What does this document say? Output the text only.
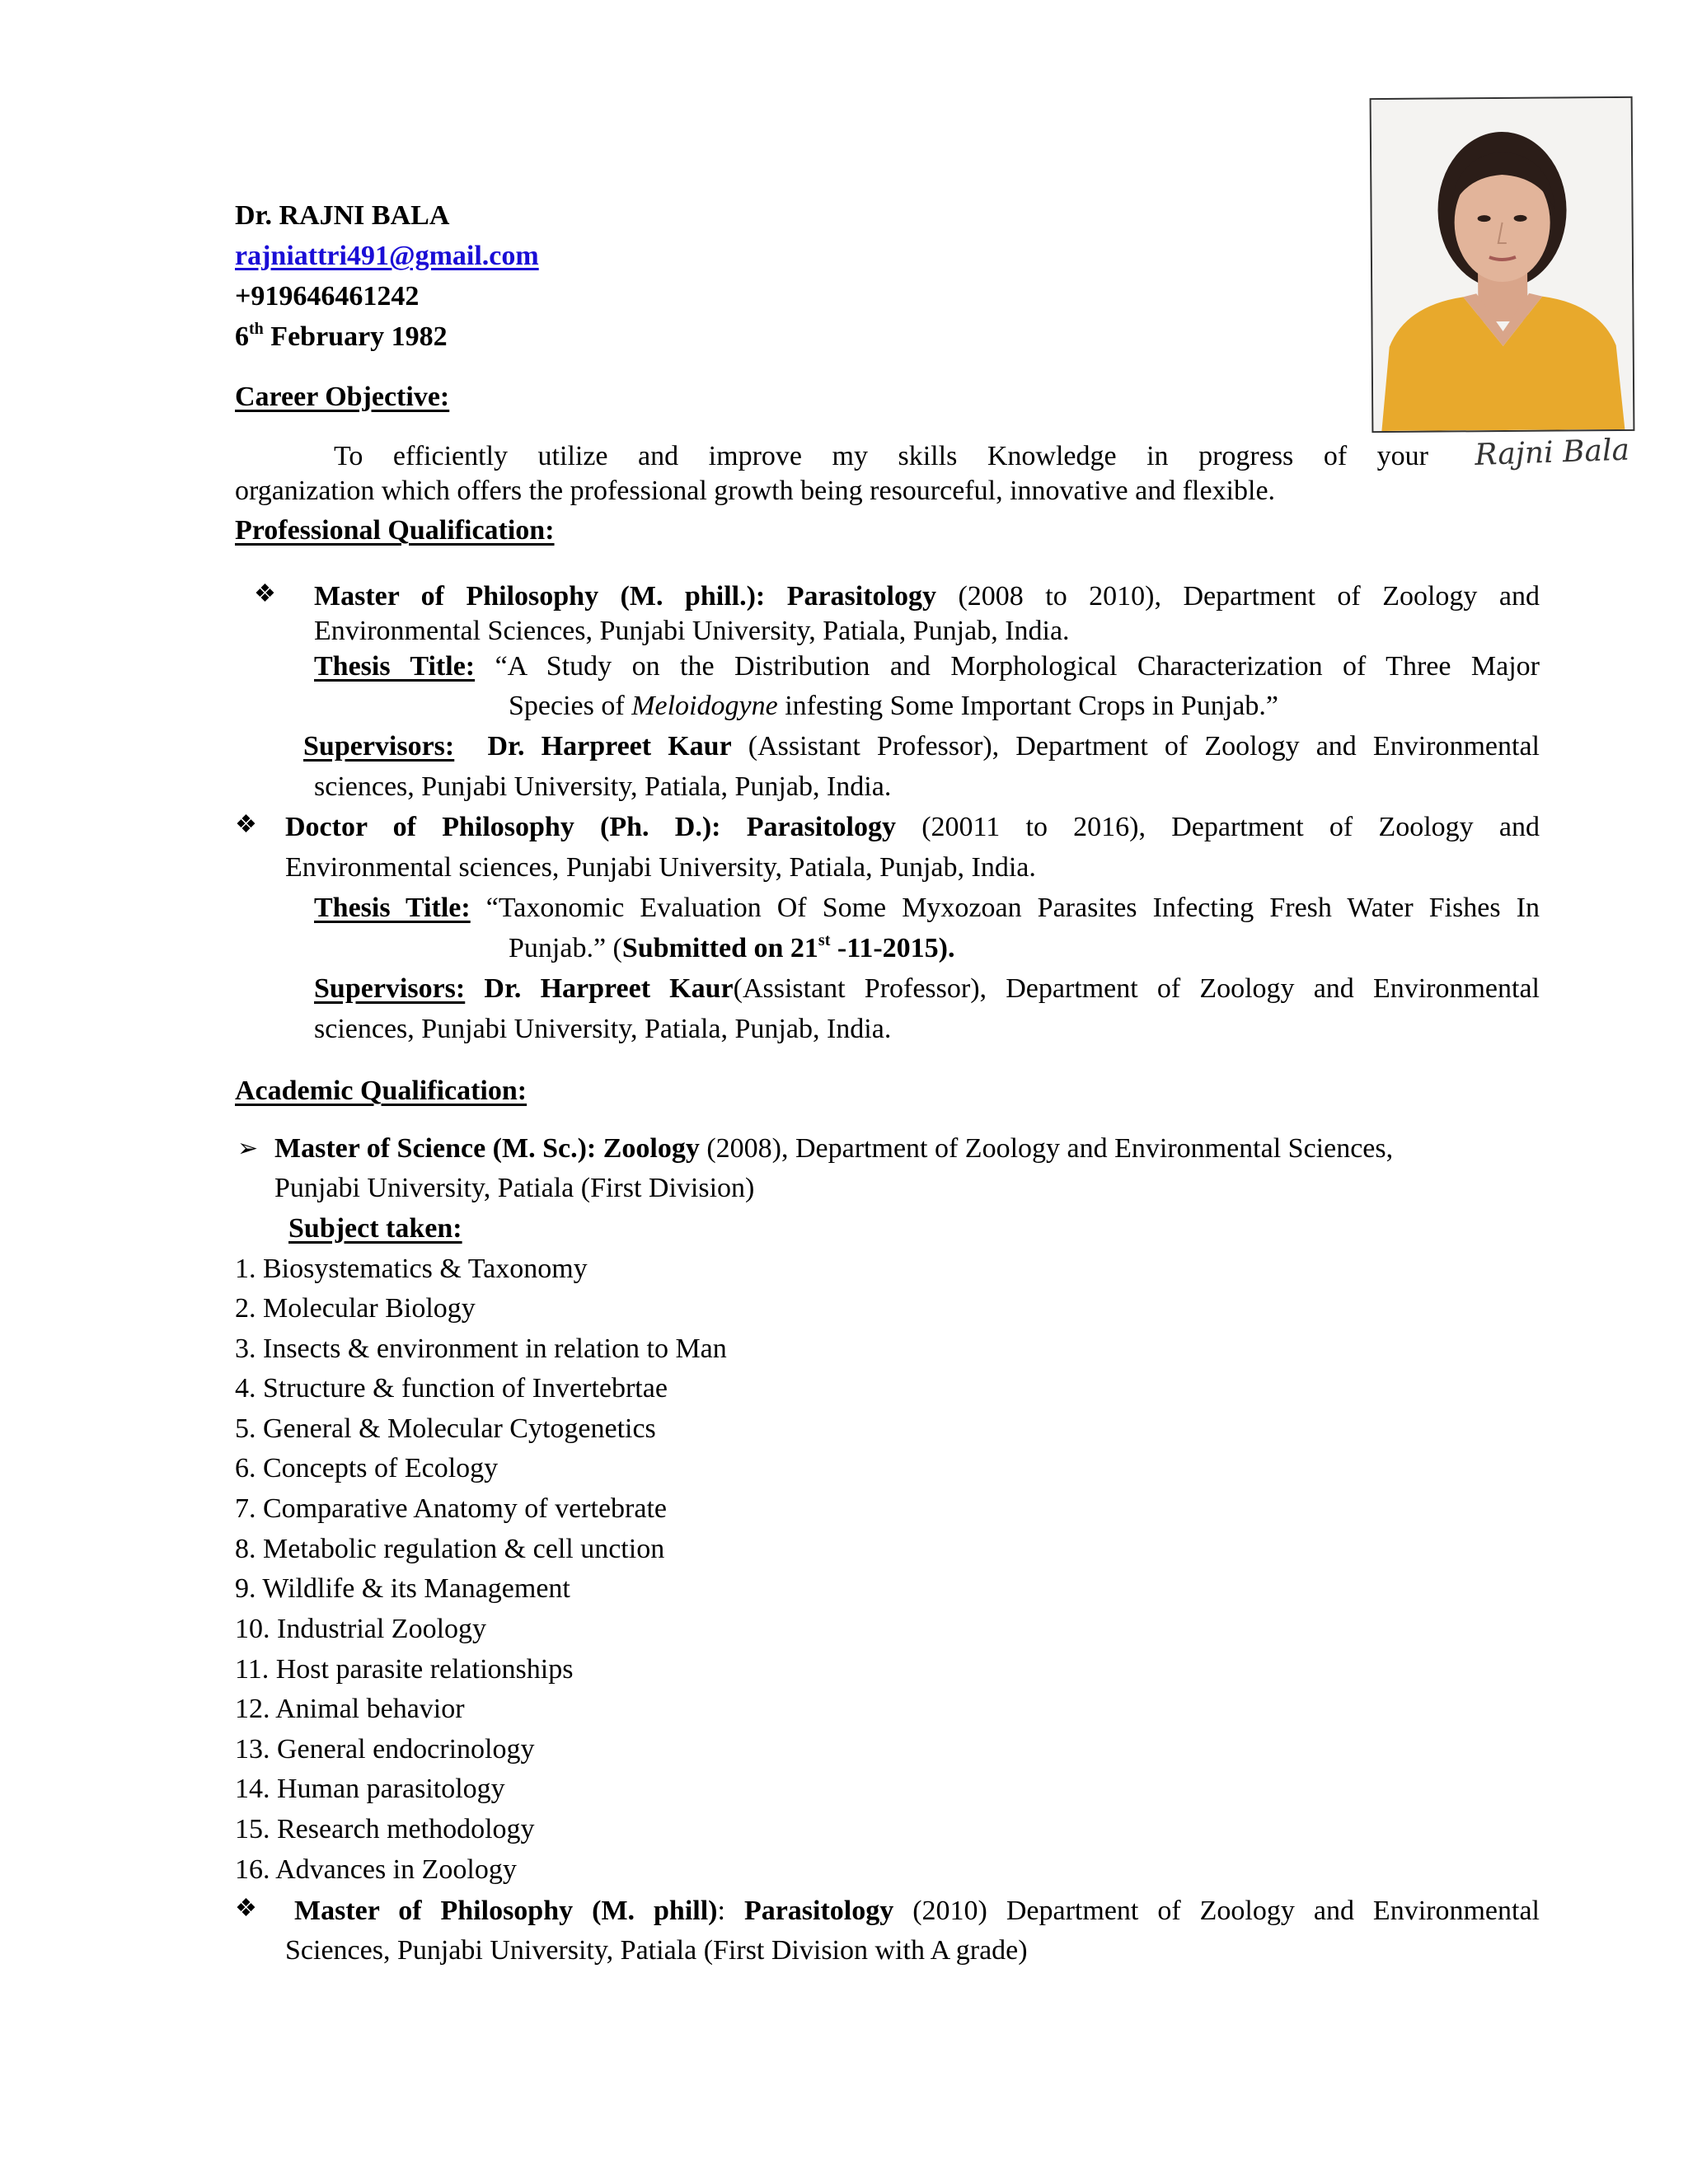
Rajni Bala
Dr. RAJNI BALA
rajniattri491@gmail.com
+919646461242
6th February 1982
Career Objective:
To efficiently utilize and improve my skills Knowledge in progress of your
organization which offers the professional growth being resourceful, innovative and flexible.
Professional Qualification:
❖ Master of Philosophy (M. phill.): Parasitology (2008 to 2010), Department of Zoology and
Environmental Sciences, Punjabi University, Patiala, Punjab, India.
Thesis Title: “A Study on the Distribution and Morphological Characterization of Three Major
Species of Meloidogyne infesting Some Important Crops in Punjab.”
Supervisors: Dr. Harpreet Kaur (Assistant Professor), Department of Zoology and Environmental
sciences, Punjabi University, Patiala, Punjab, India.
❖ Doctor of Philosophy (Ph. D.): Parasitology (20011 to 2016), Department of Zoology and
Environmental sciences, Punjabi University, Patiala, Punjab, India.
Thesis Title: “Taxonomic Evaluation Of Some Myxozoan Parasites Infecting Fresh Water Fishes In
Punjab.” (Submitted on 21st -11-2015).
Supervisors: Dr. Harpreet Kaur(Assistant Professor), Department of Zoology and Environmental
sciences, Punjabi University, Patiala, Punjab, India.
Academic Qualification:
➢ Master of Science (M. Sc.): Zoology (2008), Department of Zoology and Environmental Sciences,
Punjabi University, Patiala (First Division)
Subject taken:
1. Biosystematics & Taxonomy
2. Molecular Biology
3. Insects & environment in relation to Man
4. Structure & function of Invertebrtae
5. General & Molecular Cytogenetics
6. Concepts of Ecology
7. Comparative Anatomy of vertebrate
8. Metabolic regulation & cell unction
9. Wildlife & its Management
10. Industrial Zoology
11. Host parasite relationships
12. Animal behavior
13. General endocrinology
14. Human parasitology
15. Research methodology
16. Advances in Zoology
❖ Master of Philosophy (M. phill): Parasitology (2010) Department of Zoology and Environmental
Sciences, Punjabi University, Patiala (First Division with A grade)
